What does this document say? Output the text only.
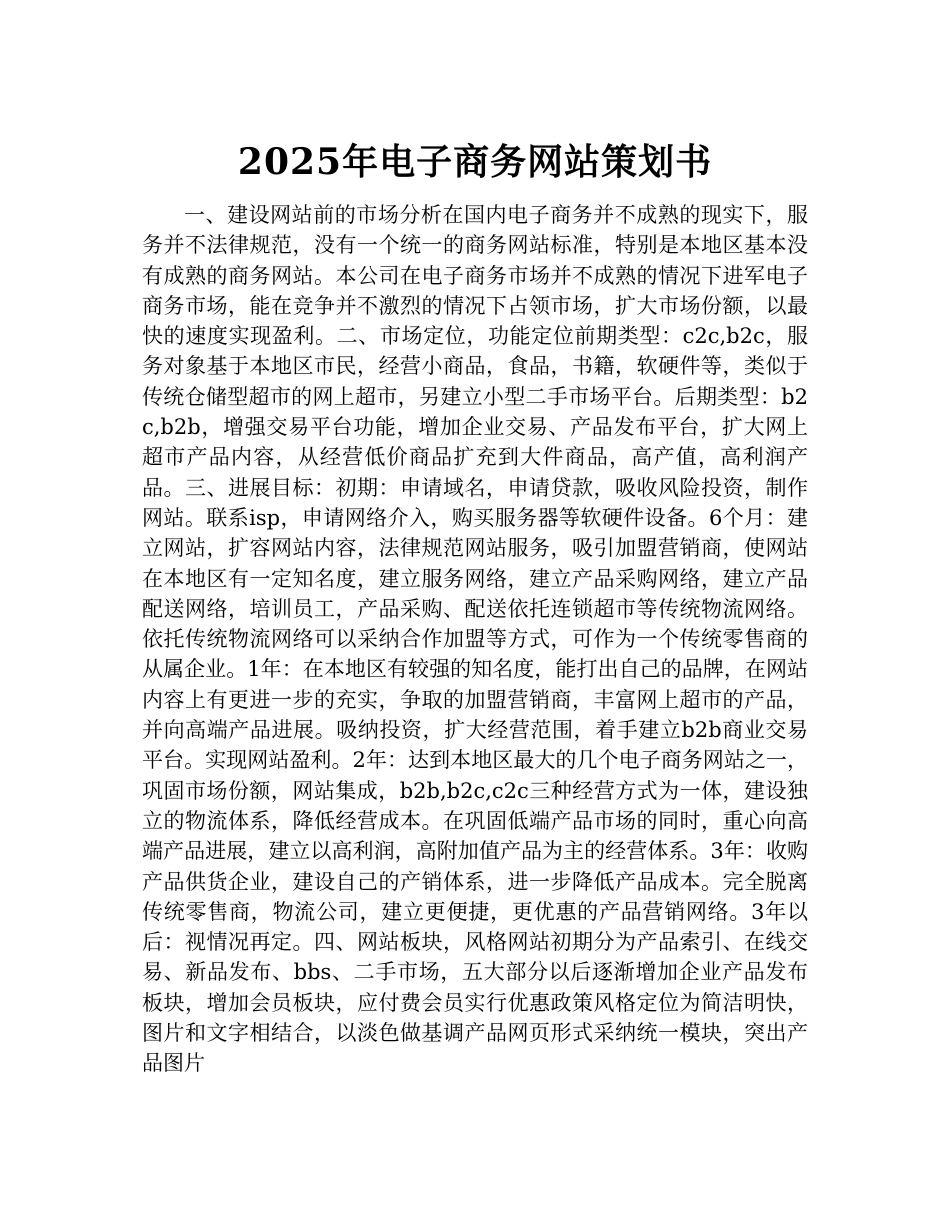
2025年电子商务网站策划书

一、建设网站前的市场分析在国内电子商务并不成熟的现实下，服务并不法律规范，没有一个统一的商务网站标准，特别是本地区基本没有成熟的商务网站。本公司在电子商务市场并不成熟的情况下进军电子商务市场，能在竞争并不激烈的情况下占领市场，扩大市场份额，以最快的速度实现盈利。二、市场定位，功能定位前期类型：c2c,b2c，服务对象基于本地区市民，经营小商品，食品，书籍，软硬件等，类似于传统仓储型超市的网上超市，另建立小型二手市场平台。后期类型：b2c,b2b，增强交易平台功能，增加企业交易、产品发布平台，扩大网上超市产品内容，从经营低价商品扩充到大件商品，高产值，高利润产品。三、进展目标：初期：申请域名，申请贷款，吸收风险投资，制作网站。联系isp，申请网络介入，购买服务器等软硬件设备。6个月：建立网站，扩容网站内容，法律规范网站服务，吸引加盟营销商，使网站在本地区有一定知名度，建立服务网络，建立产品采购网络，建立产品配送网络，培训员工，产品采购、配送依托连锁超市等传统物流网络。依托传统物流网络可以采纳合作加盟等方式，可作为一个传统零售商的从属企业。1年：在本地区有较强的知名度，能打出自己的品牌，在网站内容上有更进一步的充实，争取的加盟营销商，丰富网上超市的产品，并向高端产品进展。吸纳投资，扩大经营范围，着手建立b2b商业交易平台。实现网站盈利。2年：达到本地区最大的几个电子商务网站之一，巩固市场份额，网站集成，b2b,b2c,c2c三种经营方式为一体，建设独立的物流体系，降低经营成本。在巩固低端产品市场的同时，重心向高端产品进展，建立以高利润，高附加值产品为主的经营体系。3年：收购产品供货企业，建设自己的产销体系，进一步降低产品成本。完全脱离传统零售商，物流公司，建立更便捷，更优惠的产品营销网络。3年以后：视情况再定。四、网站板块，风格网站初期分为产品索引、在线交易、新品发布、bbs、二手市场，五大部分以后逐渐增加企业产品发布板块，增加会员板块，应付费会员实行优惠政策风格定位为简洁明快，图片和文字相结合，以淡色做基调产品网页形式采纳统一模块，突出产品图片
